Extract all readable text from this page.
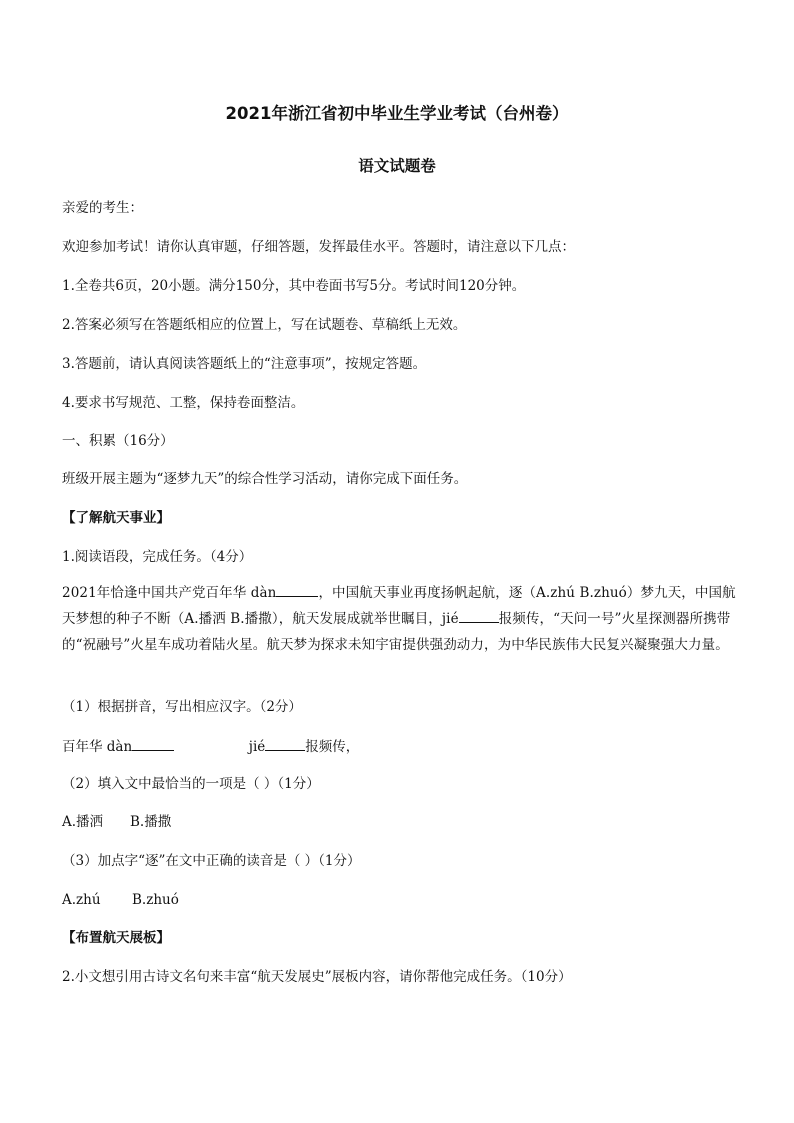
2021年浙江省初中毕业生学业考试（台州卷）
语文试题卷
亲爱的考生：
欢迎参加考试！请你认真审题，仔细答题，发挥最佳水平。答题时，请注意以下几点：
1.全卷共6页，20小题。满分150分，其中卷面书写5分。考试时间120分钟。
2.答案必须写在答题纸相应的位置上，写在试题卷、草稿纸上无效。
3.答题前，请认真阅读答题纸上的“注意事项”，按规定答题。
4.要求书写规范、工整，保持卷面整洁。
一、积累（16分）
班级开展主题为“逐梦九天”的综合性学习活动，请你完成下面任务。
【了解航天事业】
1.阅读语段，完成任务。（4分）
2021年恰逢中国共产党百年华 dàn	，中国航天事业再度扬帆起航，逐（A.zhú B.zhuó）梦九天，中国航天梦想的种子不断（A.播洒 B.播撒），航天发展成就举世瞩目，jié	报频传，“天问一号”火星探测器所携带的“祝融号”火星车成功着陆火星。航天梦为探求未知宇宙提供强劲动力，为中华民族伟大民复兴凝聚强大力量。
（1）根据拼音，写出相应汉字。（2分）
百年华 dàn	jié	报频传，
（2）填入文中最恰当的一项是（ ）（1分）
A.播洒 B.播撒
（3）加点字“逐”在文中正确的读音是（ ）（1分）
A.zhú B.zhuó
【布置航天展板】
2.小文想引用古诗文名句来丰富“航天发展史”展板内容，请你帮他完成任务。（10分）
